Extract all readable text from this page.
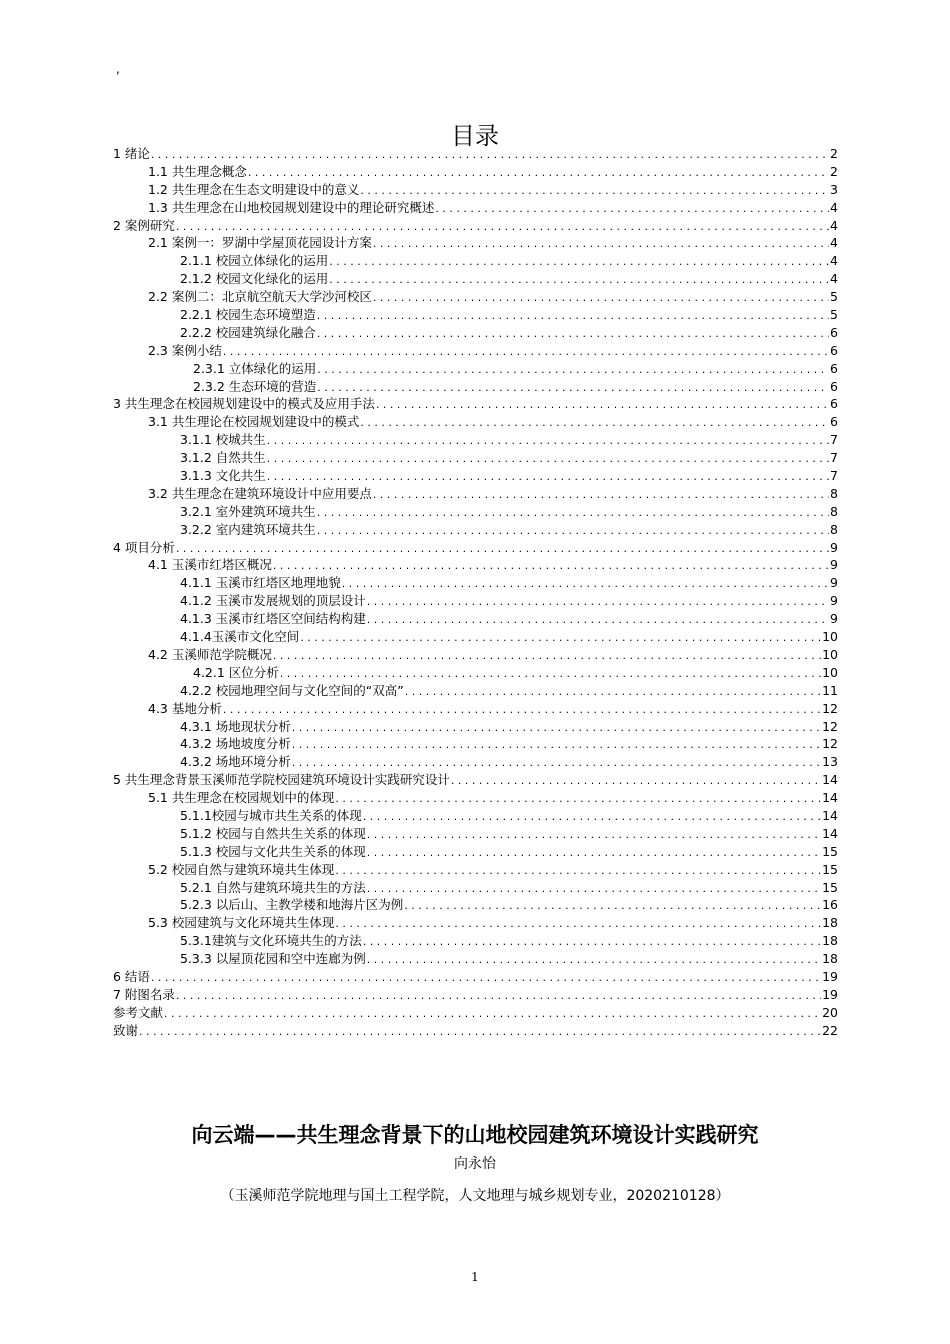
,
目录
1 绪论 . . .	2
1.1 共生理念概念 . . .	2
1.2 共生理念在生态文明建设中的意义 . . .	3
1.3 共生理念在山地校园规划建设中的理论研究概述 . . .	4
2 案例研究 . . .	4
2.1 案例一：罗湖中学屋顶花园设计方案 . . .	4
2.1.1 校园立体绿化的运用 . . .	4
2.1.2 校园文化绿化的运用 . . .	4
2.2 案例二：北京航空航天大学沙河校区 . . .	5
2.2.1 校园生态环境塑造 . . .	5
2.2.2 校园建筑绿化融合 . . .	6
2.3 案例小结 . . .	6
2.3.1 立体绿化的运用 . . .	6
2.3.2 生态环境的营造 . . .	6
3 共生理念在校园规划建设中的模式及应用手法 . . .	6
3.1 共生理论在校园规划建设中的模式 . . .	6
3.1.1 校城共生 . . .	7
3.1.2 自然共生 . . .	7
3.1.3 文化共生 . . .	7
3.2 共生理念在建筑环境设计中应用要点 . . .	8
3.2.1 室外建筑环境共生 . . .	8
3.2.2 室内建筑环境共生 . . .	8
4 项目分析 . . .	9
4.1 玉溪市红塔区概况 . . .	9
4.1.1 玉溪市红塔区地理地貌 . . .	9
4.1.2 玉溪市发展规划的顶层设计 . . .	9
4.1.3 玉溪市红塔区空间结构构建 . . .	9
4.1.4玉溪市文化空间 . . .	10
4.2 玉溪师范学院概况 . . .	10
4.2.1 区位分析 . . .	10
4.2.2 校园地理空间与文化空间的“双高” . . .	11
4.3 基地分析 . . .	12
4.3.1 场地现状分析 . . .	12
4.3.2 场地坡度分析 . . .	12
4.3.2 场地环境分析 . . .	13
5 共生理念背景玉溪师范学院校园建筑环境设计实践研究设计 . . .	14
5.1 共生理念在校园规划中的体现 . . .	14
5.1.1校园与城市共生关系的体现 . . .	14
5.1.2 校园与自然共生关系的体现 . . .	14
5.1.3 校园与文化共生关系的体现 . . .	15
5.2 校园自然与建筑环境共生体现 . . .	15
5.2.1 自然与建筑环境共生的方法 . . .	15
5.2.3 以后山、主教学楼和地海片区为例 . . .	16
5.3 校园建筑与文化环境共生体现 . . .	18
5.3.1建筑与文化环境共生的方法 . . .	18
5.3.3 以屋顶花园和空中连廊为例 . . .	18
6 结语 . . .	19
7 附图名录 . . .	19
参考文献 . . .	20
致谢 . . .	22
向云端——共生理念背景下的山地校园建筑环境设计实践研究
向永怡
（玉溪师范学院地理与国土工程学院，人文地理与城乡规划专业，2020210128）
1
